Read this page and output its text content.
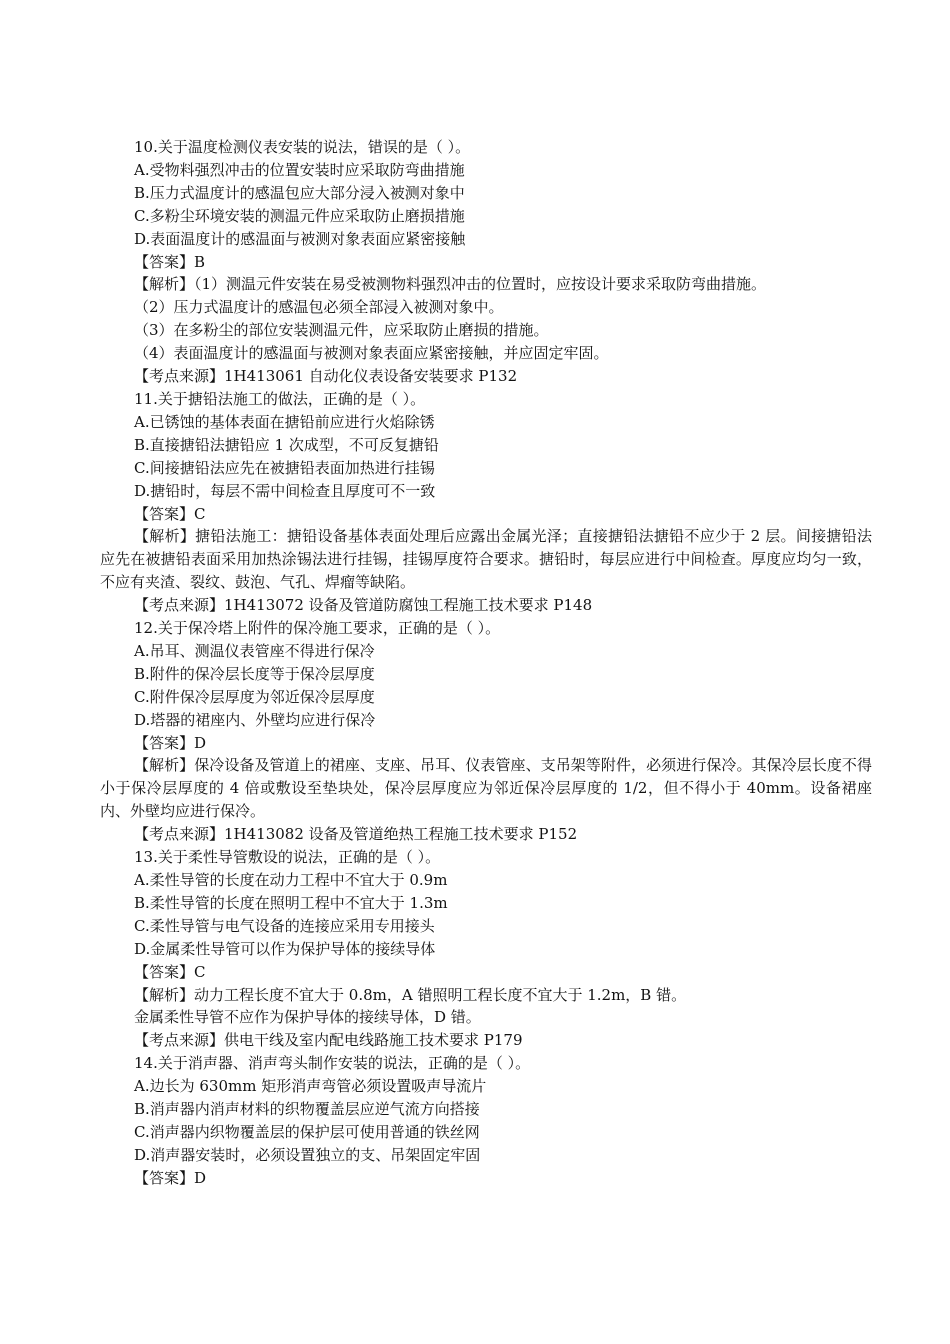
10.关于温度检测仪表安装的说法，错误的是（ ）。
A.受物料强烈冲击的位置安装时应采取防弯曲措施
B.压力式温度计的感温包应大部分浸入被测对象中
C.多粉尘环境安装的测温元件应采取防止磨损措施
D.表面温度计的感温面与被测对象表面应紧密接触
【答案】B
【解析】（1）测温元件安装在易受被测物料强烈冲击的位置时，应按设计要求采取防弯曲措施。
（2）压力式温度计的感温包必须全部浸入被测对象中。
（3）在多粉尘的部位安装测温元件，应采取防止磨损的措施。
（4）表面温度计的感温面与被测对象表面应紧密接触，并应固定牢固。
【考点来源】1H413061 自动化仪表设备安装要求 P132
11.关于搪铅法施工的做法，正确的是（ ）。
A.已锈蚀的基体表面在搪铅前应进行火焰除锈
B.直接搪铅法搪铅应 1 次成型，不可反复搪铅
C.间接搪铅法应先在被搪铅表面加热进行挂锡
D.搪铅时，每层不需中间检查且厚度可不一致
【答案】C
【解析】搪铅法施工：搪铅设备基体表面处理后应露出金属光泽；直接搪铅法搪铅不应少于 2 层。间接搪铅法应先在被搪铅表面采用加热涂锡法进行挂锡，挂锡厚度符合要求。搪铅时，每层应进行中间检查。厚度应均匀一致，不应有夹渣、裂纹、鼓泡、气孔、焊瘤等缺陷。
【考点来源】1H413072 设备及管道防腐蚀工程施工技术要求 P148
12.关于保冷塔上附件的保冷施工要求，正确的是（ ）。
A.吊耳、测温仪表管座不得进行保冷
B.附件的保冷层长度等于保冷层厚度
C.附件保冷层厚度为邻近保冷层厚度
D.塔器的裙座内、外壁均应进行保冷
【答案】D
【解析】保冷设备及管道上的裙座、支座、吊耳、仪表管座、支吊架等附件，必须进行保冷。其保冷层长度不得小于保冷层厚度的 4 倍或敷设至垫块处，保冷层厚度应为邻近保冷层厚度的 1/2，但不得小于 40mm。设备裙座内、外壁均应进行保冷。
【考点来源】1H413082 设备及管道绝热工程施工技术要求 P152
13.关于柔性导管敷设的说法，正确的是（ ）。
A.柔性导管的长度在动力工程中不宜大于 0.9m
B.柔性导管的长度在照明工程中不宜大于 1.3m
C.柔性导管与电气设备的连接应采用专用接头
D.金属柔性导管可以作为保护导体的接续导体
【答案】C
【解析】动力工程长度不宜大于 0.8m，A 错照明工程长度不宜大于 1.2m，B 错。
金属柔性导管不应作为保护导体的接续导体，D 错。
【考点来源】供电干线及室内配电线路施工技术要求 P179
14.关于消声器、消声弯头制作安装的说法，正确的是（ ）。
A.边长为 630mm 矩形消声弯管必须设置吸声导流片
B.消声器内消声材料的织物覆盖层应逆气流方向搭接
C.消声器内织物覆盖层的保护层可使用普通的铁丝网
D.消声器安装时，必须设置独立的支、吊架固定牢固
【答案】D
